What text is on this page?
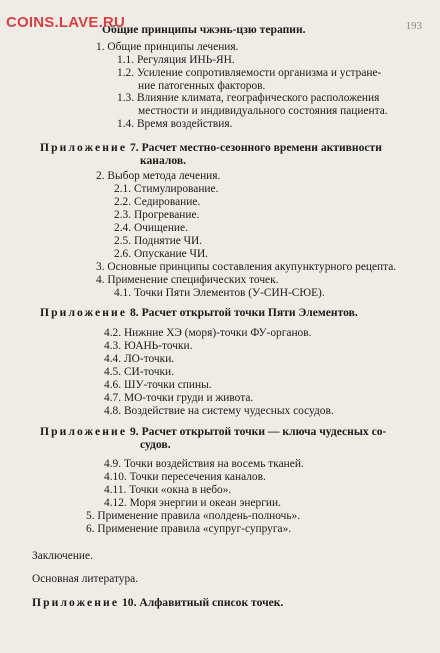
193
Общие принципы чжэнь-цзю терапии.
COINS.LAVE.RU
1. Общие принципы лечения.
1.1. Регуляция ИНЬ-ЯН.
1.2. Усиление сопротивляемости организма и устране-
ние патогенных факторов.
1.3. Влияние климата, географического расположения
местности и индивидуального состояния пациента.
1.4. Время воздействия.
Приложение 7. Расчет местно-сезонного времени активности
каналов.
2. Выбор метода лечения.
2.1. Стимулирование.
2.2. Седирование.
2.3. Прогревание.
2.4. Очищение.
2.5. Поднятие ЧИ.
2.6. Опускание ЧИ.
3. Основные принципы составления акупунктурного рецепта.
4. Применение специфических точек.
4.1. Точки Пяти Элементов (У-СИН-СЮЕ).
Приложение 8. Расчет открытой точки Пяти Элементов.
4.2. Нижние ХЭ (моря)-точки ФУ-органов.
4.3. ЮАНЬ-точки.
4.4. ЛО-точки.
4.5. СИ-точки.
4.6. ШУ-точки спины.
4.7. МО-точки груди и живота.
4.8. Воздействие на систему чудесных сосудов.
Приложение 9. Расчет открытой точки — ключа чудесных со-
судов.
4.9. Точки воздействия на восемь тканей.
4.10. Точки пересечения каналов.
4.11. Точки «окна в небо».
4.12. Моря энергии и океан энергии.
5. Применение правила «полдень-полночь».
6. Применение правила «супруг-супруга».
Заключение.
Основная литература.
Приложение 10. Алфавитный список точек.
